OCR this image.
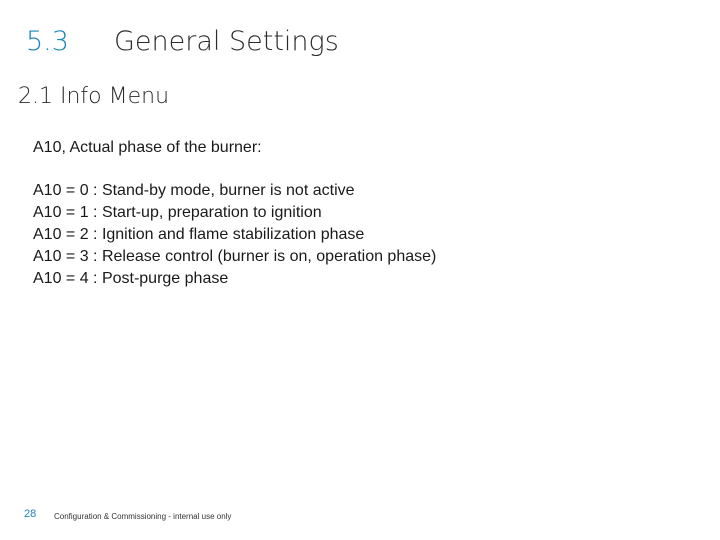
5.3 General Settings
2.1 Info Menu
A10, Actual phase of the burner:
A10 = 0 : Stand-by mode, burner is not active
A10 = 1 : Start-up, preparation to ignition
A10 = 2 : Ignition and flame stabilization phase
A10 = 3 : Release control (burner is on, operation phase)
A10 = 4 : Post-purge phase
28 Configuration & Commissioning - internal use only
